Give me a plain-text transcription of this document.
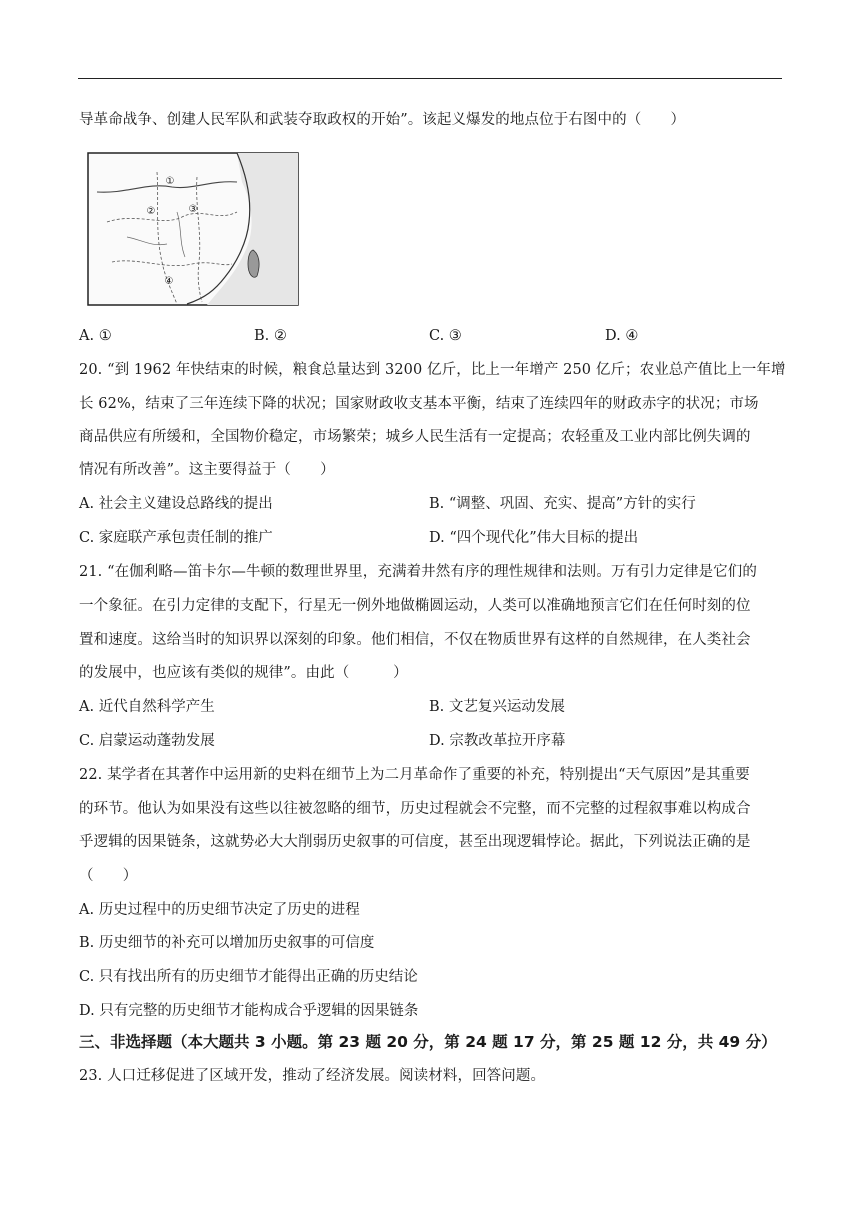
导革命战争、创建人民军队和武装夺取政权的开始”。该起义爆发的地点位于右图中的（　　）
①
②	③
④
A. ①	B. ②	C. ③	D. ④
20. “到 1962 年快结束的时候，粮食总量达到 3200 亿斤，比上一年增产 250 亿斤；农业总产值比上一年增
长 62%，结束了三年连续下降的状况；国家财政收支基本平衡，结束了连续四年的财政赤字的状况；市场
商品供应有所缓和，全国物价稳定，市场繁荣；城乡人民生活有一定提高；农轻重及工业内部比例失调的
情况有所改善”。这主要得益于（　　）
A. 社会主义建设总路线的提出	B. “调整、巩固、充实、提高”方针的实行
C. 家庭联产承包责任制的推广	D. “四个现代化”伟大目标的提出
21. “在伽利略—笛卡尔—牛顿的数理世界里，充满着井然有序的理性规律和法则。万有引力定律是它们的
一个象征。在引力定律的支配下，行星无一例外地做椭圆运动，人类可以准确地预言它们在任何时刻的位
置和速度。这给当时的知识界以深刻的印象。他们相信，不仅在物质世界有这样的自然规律，在人类社会
的发展中，也应该有类似的规律”。由此（　　　）
A. 近代自然科学产生	B. 文艺复兴运动发展
C. 启蒙运动蓬勃发展	D. 宗教改革拉开序幕
22. 某学者在其著作中运用新的史料在细节上为二月革命作了重要的补充，特别提出“天气原因”是其重要
的环节。他认为如果没有这些以往被忽略的细节，历史过程就会不完整，而不完整的过程叙事难以构成合
乎逻辑的因果链条，这就势必大大削弱历史叙事的可信度，甚至出现逻辑悖论。据此，下列说法正确的是
（　　）
A. 历史过程中的历史细节决定了历史的进程
B. 历史细节的补充可以增加历史叙事的可信度
C. 只有找出所有的历史细节才能得出正确的历史结论
D. 只有完整的历史细节才能构成合乎逻辑的因果链条
三、非选择题（本大题共 3 小题。第 23 题 20 分，第 24 题 17 分，第 25 题 12 分，共 49 分）
23. 人口迁移促进了区域开发，推动了经济发展。阅读材料，回答问题。
